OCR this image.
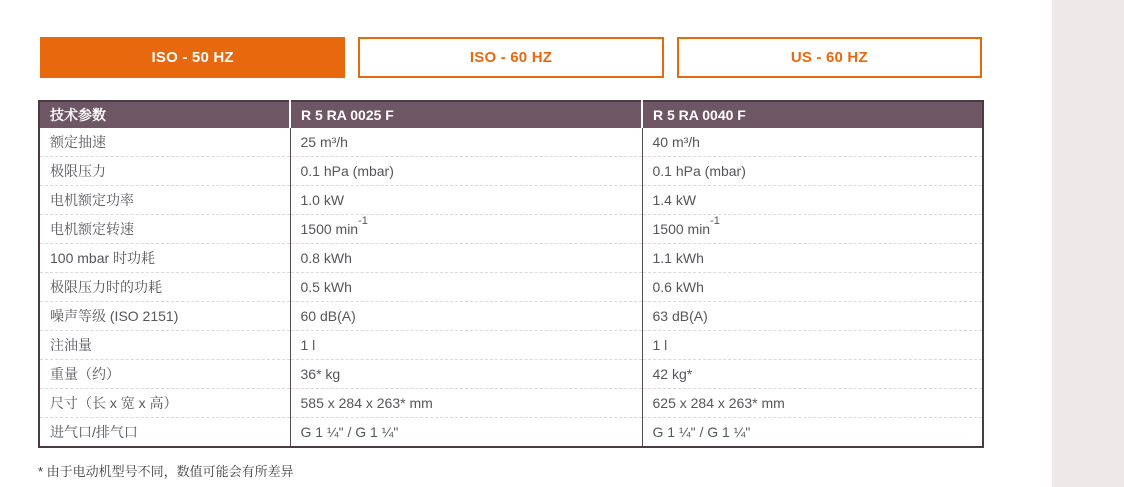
ISO - 50 HZ	ISO - 60 HZ	US - 60 HZ
技术参数	R 5 RA 0025 F	R 5 RA 0040 F
额定抽速	25 m³/h	40 m³/h
极限压力	0.1 hPa (mbar)	0.1 hPa (mbar)
电机额定功率	1.0 kW	1.4 kW
电机额定转速	1500 $\min^{-1}$	1500 $\min^{-1}$
100 mbar 时功耗	0.8 kWh	1.1 kWh
极限压力时的功耗	0.5 kWh	0.6 kWh
噪声等级 (ISO 2151)	60 dB(A)	63 dB(A)
注油量	1 l	1 l
重量（约）	36* kg	42 kg*
尺寸（长 x 宽 x 高）	585 x 284 x 263* mm	625 x 284 x 263* mm
进气口/排气口	G 1 ¼" / G 1 ¼"	G 1 ¼" / G 1 ¼"
* 由于电动机型号不同，数值可能会有所差异
